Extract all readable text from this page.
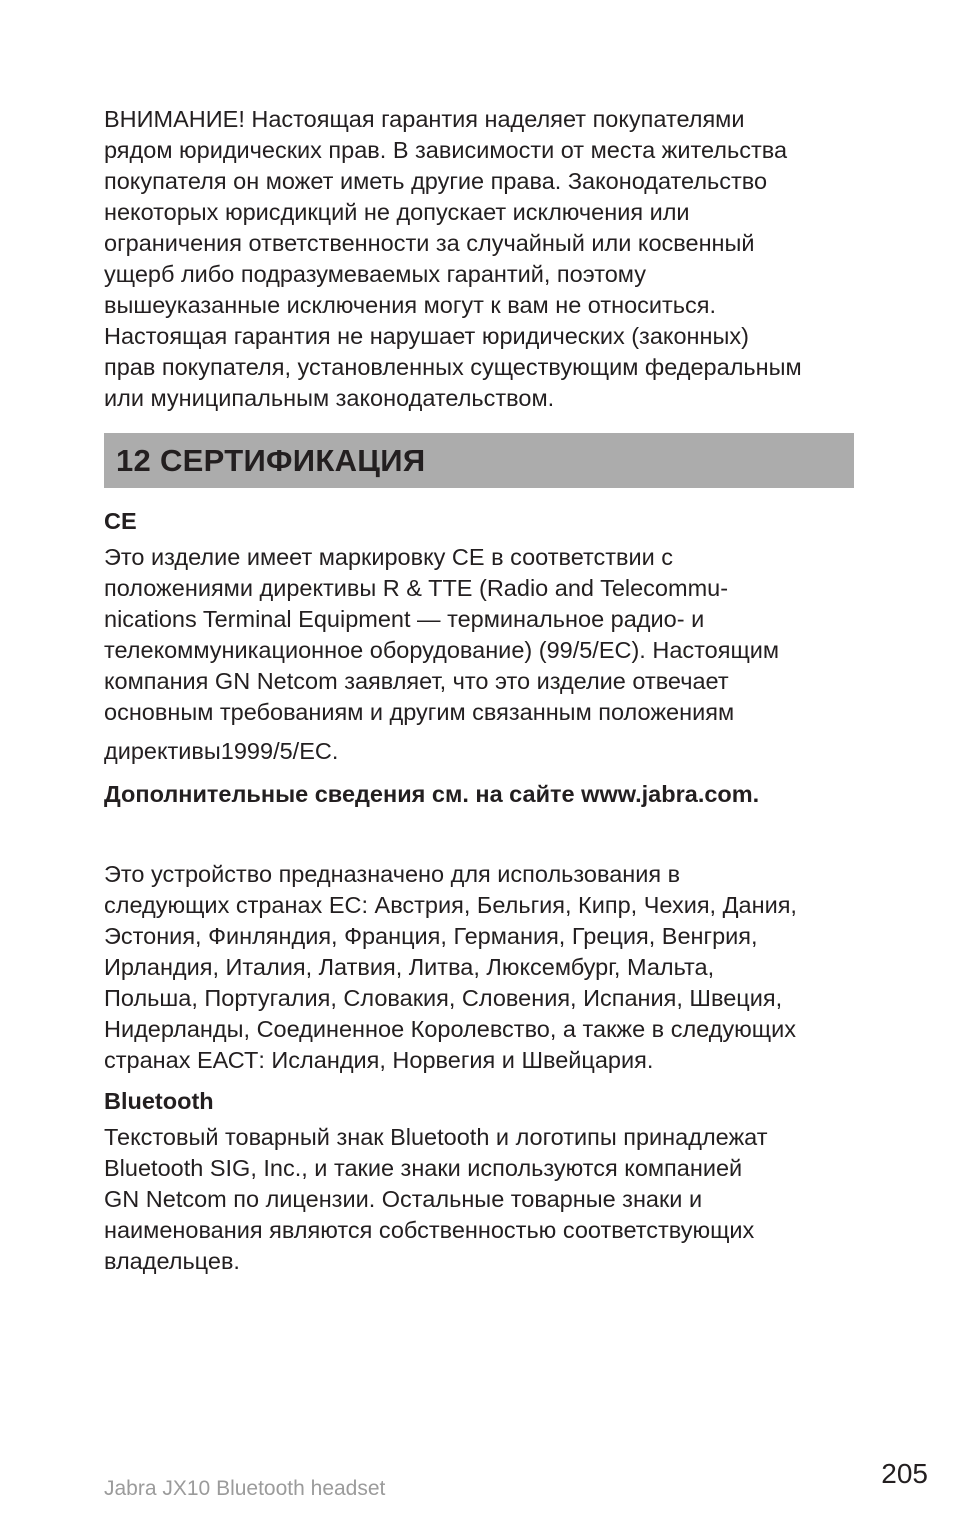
ВНИМАНИЕ! Настоящая гарантия наделяет покупателями
рядом юридических прав. В зависимости от места жительства
покупателя он может иметь другие права. Законодательство
некоторых юрисдикций не допускает исключения или
ограничения ответственности за случайный или косвенный
ущерб либо подразумеваемых гарантий, поэтому
вышеуказанные исключения могут к вам не относиться.
Настоящая гарантия не нарушает юридических (законных)
прав покупателя, установленных существующим федеральным
или муниципальным законодательством.

12 СЕРТИФИКАЦИЯ
CE

Это изделие имеет маркировку CE в соответствии с
положениями директивы R & TTE (Radio and Telecommu-
nications Terminal Equipment — терминальное радио- и
телекоммуникационное оборудование) (99/5/EC). Настоящим
компания GN Netcom заявляет, что это изделие отвечает
основным требованиям и другим связанным положениям

директивы1999/5/EC.

Дополнительные сведения см. на сайте www.jabra.com.

Это устройство предназначено для использования в
следующих странах ЕС: Австрия, Бельгия, Кипр, Чехия, Дания,
Эстония, Финляндия, Франция, Германия, Греция, Венгрия,
Ирландия, Италия, Латвия, Литва, Люксембург, Мальта,
Польша, Португалия, Словакия, Словения, Испания, Швеция,
Нидерланды, Соединенное Королевство, а также в следующих
странах ЕАСТ: Исландия, Норвегия и Швейцария.

Bluetooth

Текстовый товарный знак Bluetooth и логотипы принадлежат
Bluetooth SIG, Inc., и такие знаки используются компанией
GN Netcom по лицензии. Остальные товарные знаки и
наименования являются собственностью соответствующих
владельцев.

Jabra JX10 Bluetooth headset	205
